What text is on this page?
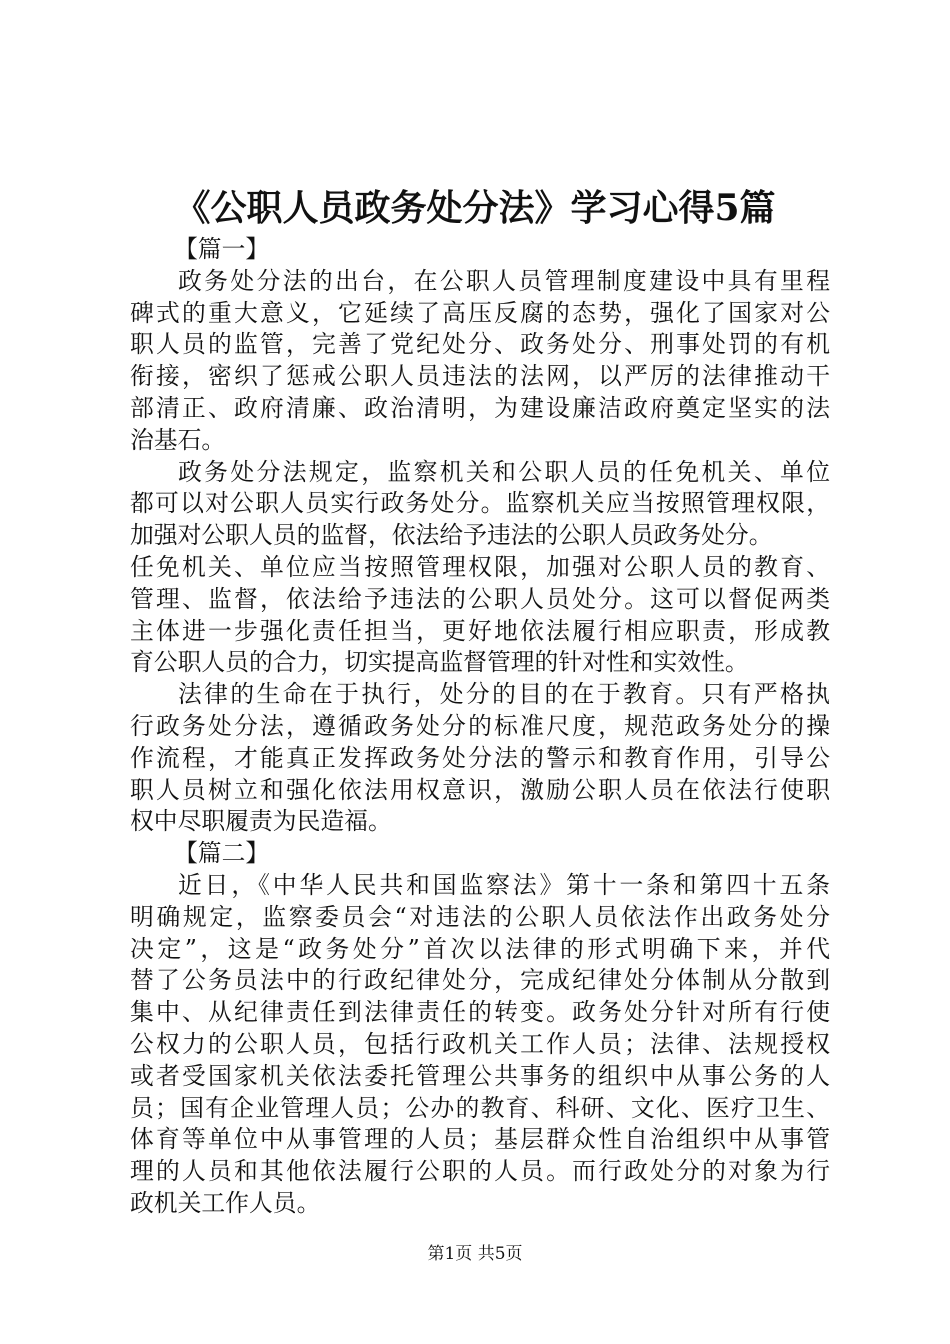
《公职人员政务处分法》学习心得5篇

【篇一】

政务处分法的出台，在公职人员管理制度建设中具有里程

碑式的重大意义，它延续了高压反腐的态势，强化了国家对公

职人员的监管，完善了党纪处分、政务处分、刑事处罚的有机

衔接，密织了惩戒公职人员违法的法网，以严厉的法律推动干

部清正、政府清廉、政治清明，为建设廉洁政府奠定坚实的法

治基石。

政务处分法规定，监察机关和公职人员的任免机关、单位

都可以对公职人员实行政务处分。监察机关应当按照管理权限，

加强对公职人员的监督，依法给予违法的公职人员政务处分。

任免机关、单位应当按照管理权限，加强对公职人员的教育、

管理、监督，依法给予违法的公职人员处分。这可以督促两类

主体进一步强化责任担当，更好地依法履行相应职责，形成教

育公职人员的合力，切实提高监督管理的针对性和实效性。

法律的生命在于执行，处分的目的在于教育。只有严格执

行政务处分法，遵循政务处分的标准尺度，规范政务处分的操

作流程，才能真正发挥政务处分法的警示和教育作用，引导公

职人员树立和强化依法用权意识，激励公职人员在依法行使职

权中尽职履责为民造福。

【篇二】

近日，《中华人民共和国监察法》第十一条和第四十五条

明确规定，监察委员会“对违法的公职人员依法作出政务处分

决定”，这是“政务处分”首次以法律的形式明确下来，并代

替了公务员法中的行政纪律处分，完成纪律处分体制从分散到

集中、从纪律责任到法律责任的转变。政务处分针对所有行使

公权力的公职人员，包括行政机关工作人员；法律、法规授权

或者受国家机关依法委托管理公共事务的组织中从事公务的人

员；国有企业管理人员；公办的教育、科研、文化、医疗卫生、

体育等单位中从事管理的人员；基层群众性自治组织中从事管

理的人员和其他依法履行公职的人员。而行政处分的对象为行

政机关工作人员。

第1页 共5页
